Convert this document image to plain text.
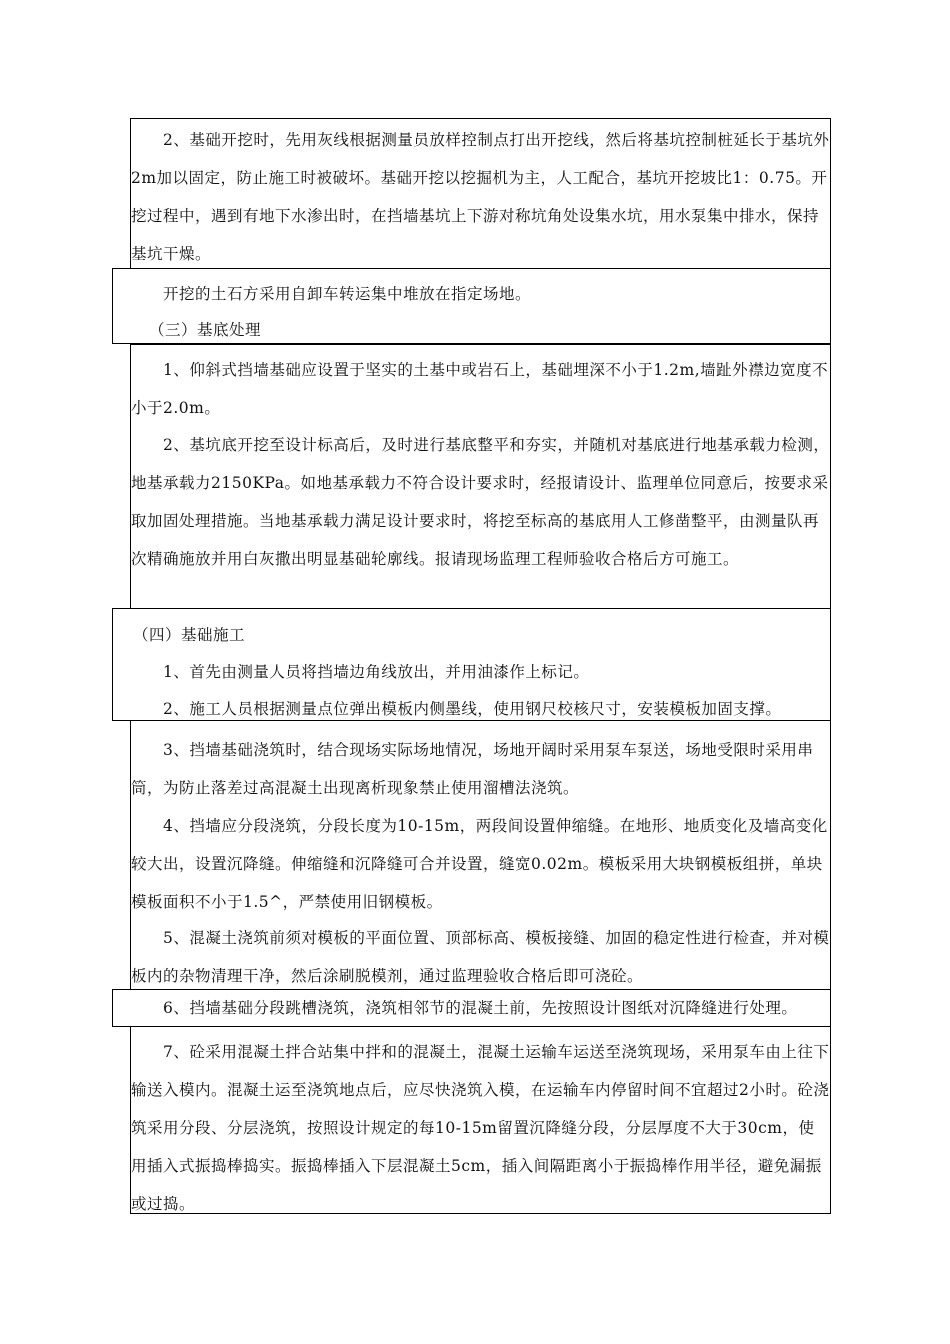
2、基础开挖时，先用灰线根据测量员放样控制点打出开挖线，然后将基坑控制桩延长于基坑外2m加以固定，防止施工时被破坏。基础开挖以挖掘机为主，人工配合，基坑开挖坡比1：0.75。开挖过程中，遇到有地下水渗出时，在挡墙基坑上下游对称坑角处设集水坑，用水泵集中排水，保持基坑干燥。

开挖的土石方采用自卸车转运集中堆放在指定场地。

（三）基底处理

1、仰斜式挡墙基础应设置于坚实的土基中或岩石上，基础埋深不小于1.2m,墙趾外襟边宽度不小于2.0m。

2、基坑底开挖至设计标高后，及时进行基底整平和夯实，并随机对基底进行地基承载力检测，地基承载力2150KPa。如地基承载力不符合设计要求时，经报请设计、监理单位同意后，按要求采取加固处理措施。当地基承载力满足设计要求时，将挖至标高的基底用人工修凿整平，由测量队再次精确施放并用白灰撒出明显基础轮廓线。报请现场监理工程师验收合格后方可施工。

（四）基础施工

1、首先由测量人员将挡墙边角线放出，并用油漆作上标记。

2、施工人员根据测量点位弹出模板内侧墨线，使用钢尺校核尺寸，安装模板加固支撑。

3、挡墙基础浇筑时，结合现场实际场地情况，场地开阔时采用泵车泵送，场地受限时采用串筒，为防止落差过高混凝土出现离析现象禁止使用溜槽法浇筑。

4、挡墙应分段浇筑，分段长度为10-15m，两段间设置伸缩缝。在地形、地质变化及墙高变化较大出，设置沉降缝。伸缩缝和沉降缝可合并设置，缝宽0.02m。模板采用大块钢模板组拼，单块模板面积不小于1.5^，严禁使用旧钢模板。

5、混凝土浇筑前须对模板的平面位置、顶部标高、模板接缝、加固的稳定性进行检查，并对模板内的杂物清理干净，然后涂刷脱模剂，通过监理验收合格后即可浇砼。

6、挡墙基础分段跳槽浇筑，浇筑相邻节的混凝土前，先按照设计图纸对沉降缝进行处理。

7、砼采用混凝土拌合站集中拌和的混凝土，混凝土运输车运送至浇筑现场，采用泵车由上往下输送入模内。混凝土运至浇筑地点后，应尽快浇筑入模，在运输车内停留时间不宜超过2小时。砼浇筑采用分段、分层浇筑，按照设计规定的每10-15m留置沉降缝分段，分层厚度不大于30cm，使用插入式振捣棒捣实。振捣棒插入下层混凝土5cm，插入间隔距离小于振捣棒作用半径，避免漏振或过捣。
